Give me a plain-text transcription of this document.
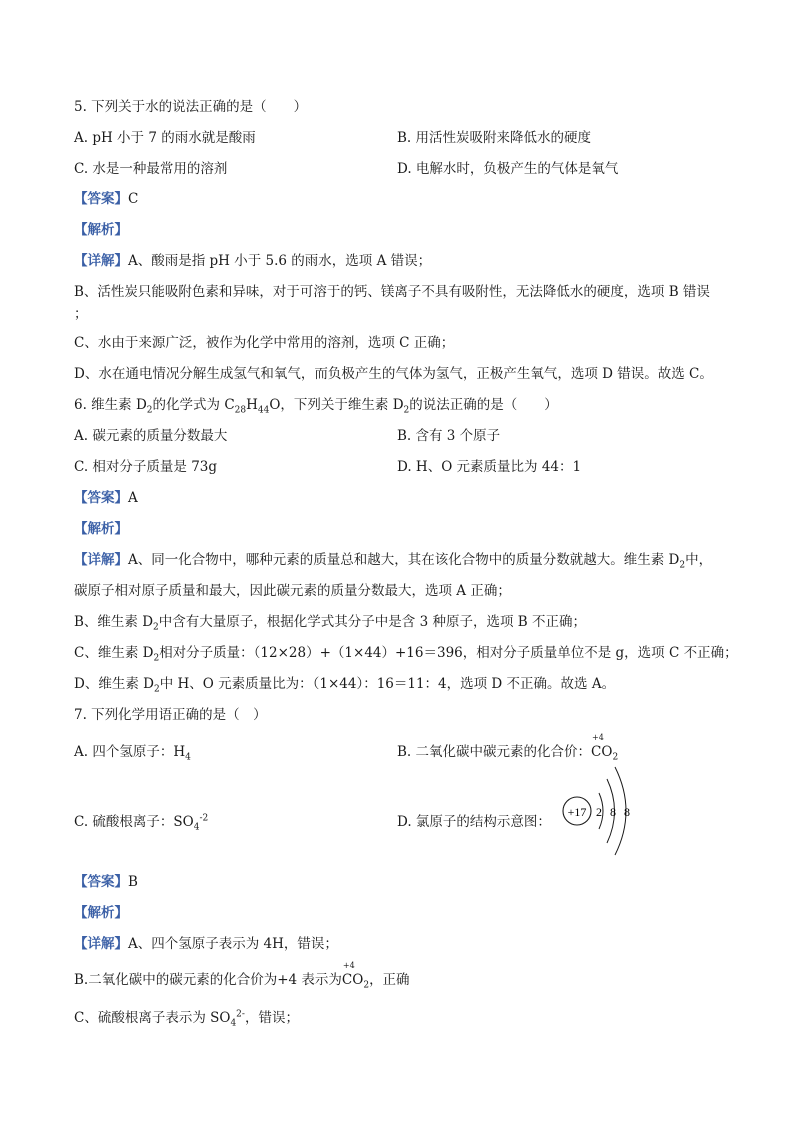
5. 下列关于水的说法正确的是（　　）
A. pH 小于 7 的雨水就是酸雨	B. 用活性炭吸附来降低水的硬度
C. 水是一种最常用的溶剂	D. 电解水时，负极产生的气体是氧气
【答案】C
【解析】
【详解】A、酸雨是指 pH 小于 5.6 的雨水，选项 A 错误；
B、活性炭只能吸附色素和异味，对于可溶于的钙、镁离子不具有吸附性，无法降低水的硬度，选项 B 错误
；
C、水由于来源广泛，被作为化学中常用的溶剂，选项 C 正确；
D、水在通电情况分解生成氢气和氧气，而负极产生的气体为氢气，正极产生氧气，选项 D 错误。故选 C。
6. 维生素 $D_2$的化学式为 $C_{28}H_{44}O$，下列关于维生素 $D_2$的说法正确的是（　　）
A. 碳元素的质量分数最大	B. 含有 3 个原子
C. 相对分子质量是 73g	D. H、O 元素质量比为 44：1
【答案】A
【解析】
【详解】A、同一化合物中，哪种元素的质量总和越大，其在该化合物中的质量分数就越大。维生素 $D_2$中，
碳原子相对原子质量和最大，因此碳元素的质量分数最大，选项 A 正确；
B、维生素 $D_2$中含有大量原子，根据化学式其分子中是含 3 种原子，选项 B 不正确；
C、维生素 $D_2$相对分子质量：（12×28）+（1×44）+16＝396，相对分子质量单位不是 g，选项 C 不正确；
D、维生素 $D_2$中 H、O 元素质量比为：（1×44）：16＝11：4，选项 D 不正确。故选 A。
7. 下列化学用语正确的是（　）
A. 四个氢原子：$H_4$	B. 二氧化碳中碳元素的化合价：
+4
$CO_2$
C. 硫酸根离子：$SO_4^{-2}$	D. 氯原子的结构示意图：
+17 2 8 8
【答案】B
【解析】
【详解】A、四个氢原子表示为 4H，错误；
B.二氧化碳中的碳元素的化合价为+4 表示为
+4
$CO_2$，正确
C、硫酸根离子表示为 $SO_4^{2-}$，错误；
